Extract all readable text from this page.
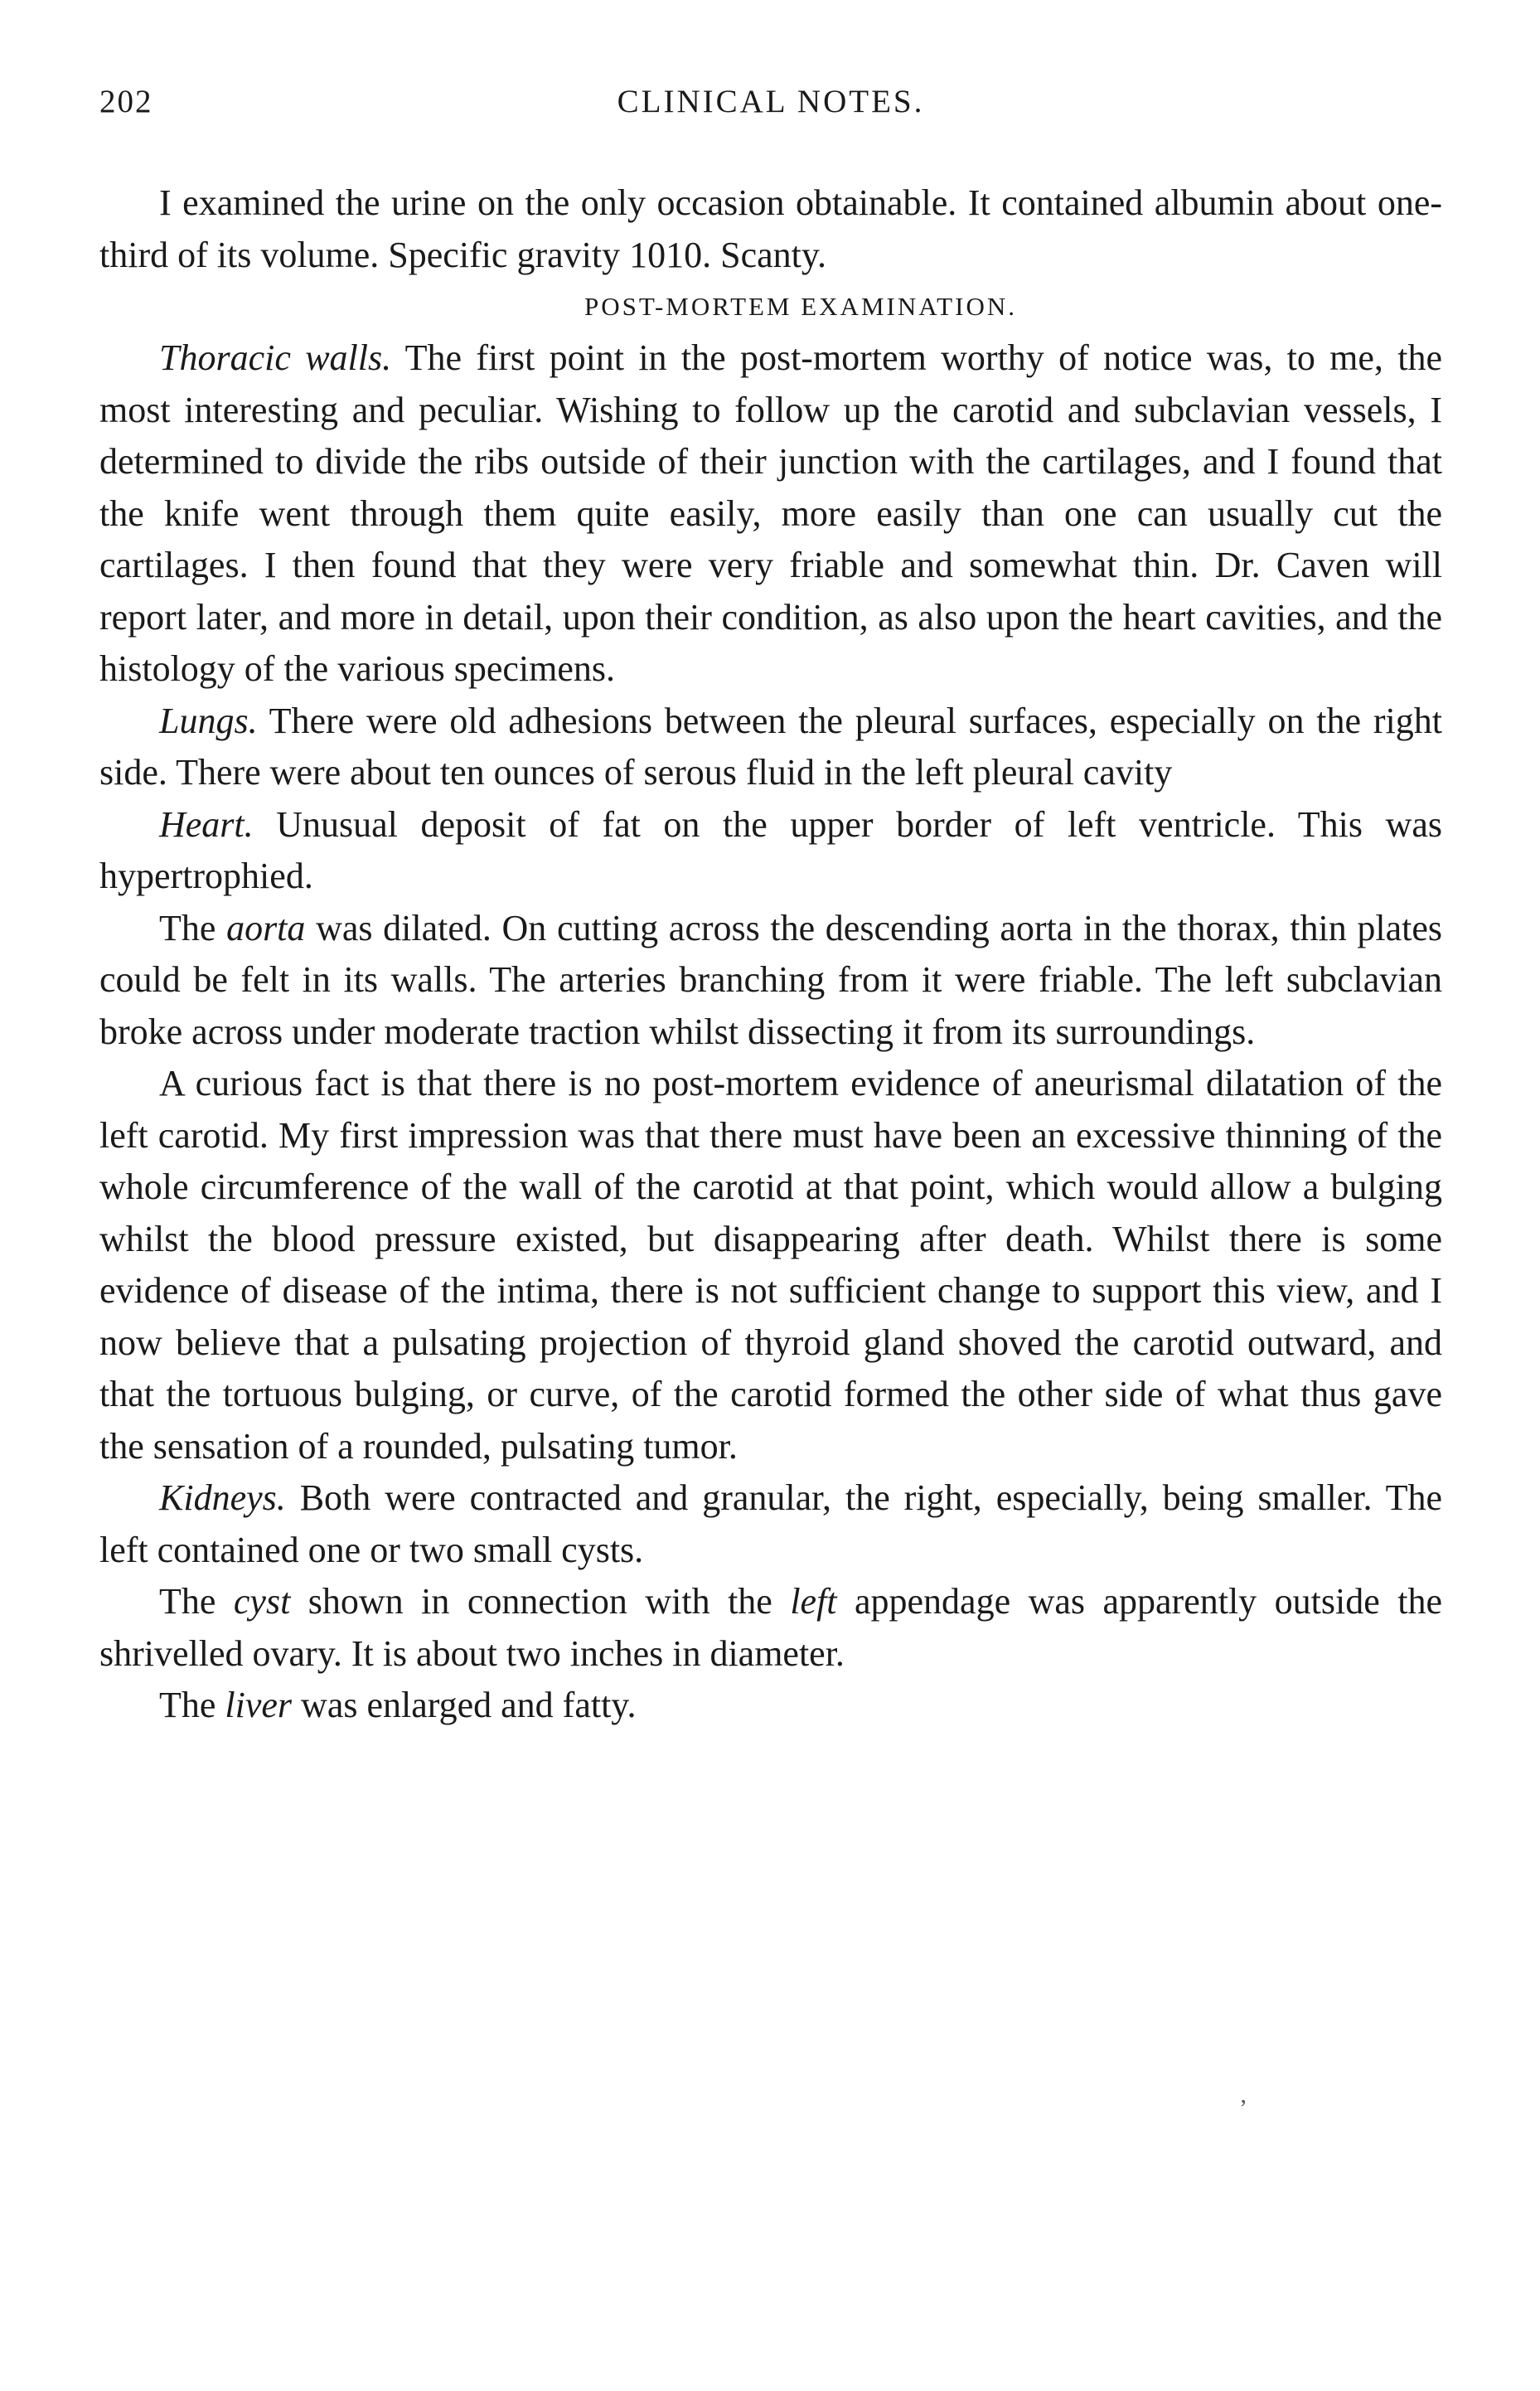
202	CLINICAL NOTES.

I examined the urine on the only occasion obtainable. It contained albumin about one-third of its volume. Specific gravity 1010. Scanty.

POST-MORTEM EXAMINATION.

Thoracic walls. The first point in the post-mortem worthy of notice was, to me, the most interesting and peculiar. Wishing to follow up the carotid and subclavian vessels, I determined to divide the ribs outside of their junction with the cartilages, and I found that the knife went through them quite easily, more easily than one can usually cut the cartilages. I then found that they were very friable and somewhat thin. Dr. Caven will report later, and more in detail, upon their condition, as also upon the heart cavities, and the histology of the various specimens.

Lungs. There were old adhesions between the pleural surfaces, especially on the right side. There were about ten ounces of serous fluid in the left pleural cavity

Heart. Unusual deposit of fat on the upper border of left ventricle. This was hypertrophied.

The aorta was dilated. On cutting across the descending aorta in the thorax, thin plates could be felt in its walls. The arteries branching from it were friable. The left subclavian broke across under moderate traction whilst dissecting it from its surroundings.

A curious fact is that there is no post-mortem evidence of aneurismal dilatation of the left carotid. My first impression was that there must have been an excessive thinning of the whole circumference of the wall of the carotid at that point, which would allow a bulging whilst the blood pressure existed, but disappearing after death. Whilst there is some evidence of disease of the intima, there is not sufficient change to support this view, and I now believe that a pulsating projection of thyroid gland shoved the carotid outward, and that the tortuous bulging, or curve, of the carotid formed the other side of what thus gave the sensation of a rounded, pulsating tumor.

Kidneys. Both were contracted and granular, the right, especially, being smaller. The left contained one or two small cysts.

The cyst shown in connection with the left appendage was apparently outside the shrivelled ovary. It is about two inches in diameter.

The liver was enlarged and fatty.

‚
